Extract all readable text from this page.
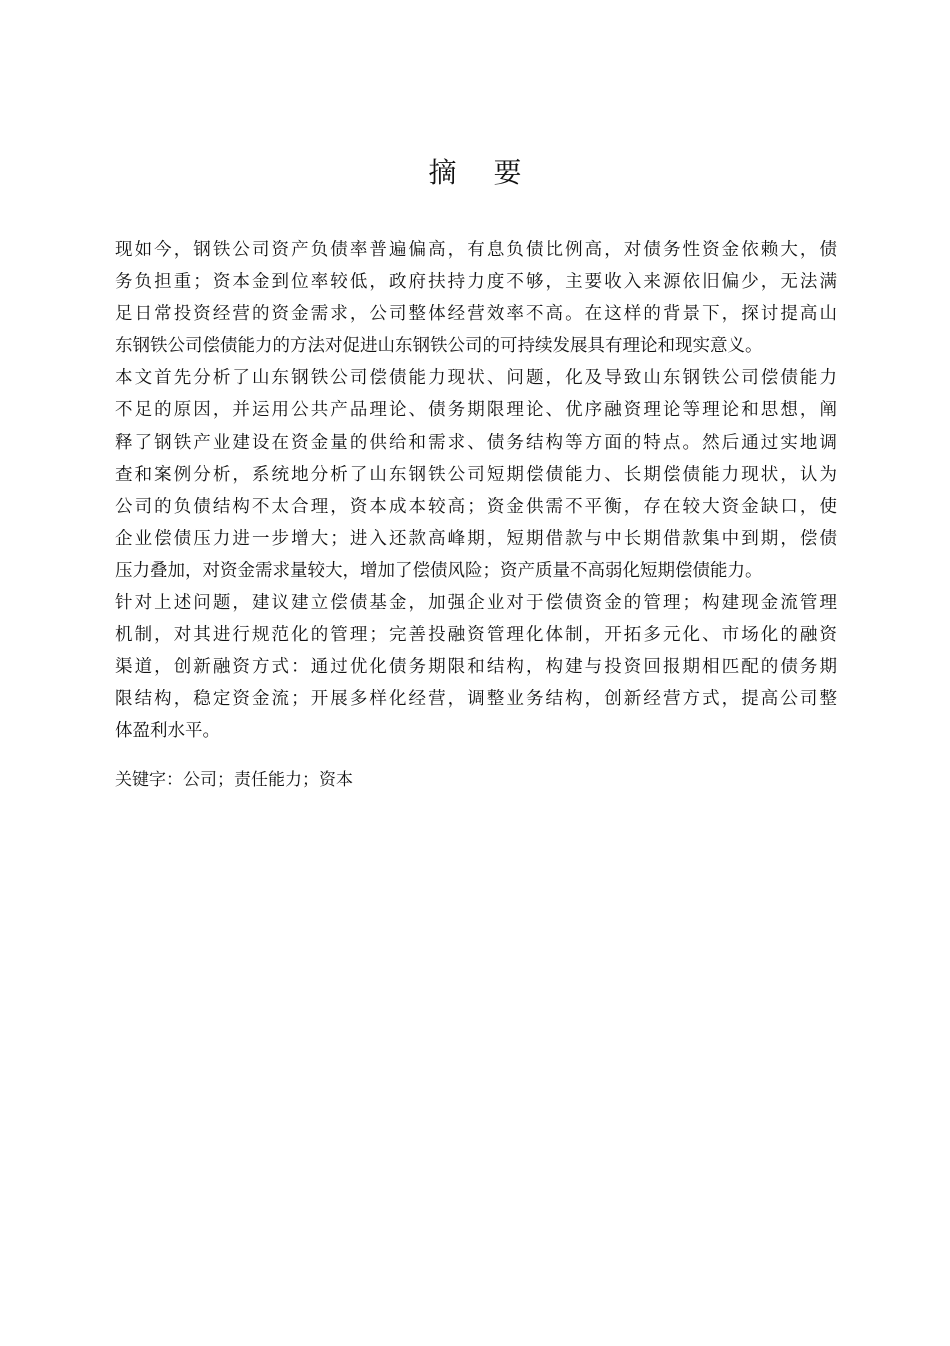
摘 要
现如今，钢铁公司资产负债率普遍偏高，有息负债比例高，对债务性资金依赖大，债
务负担重；资本金到位率较低，政府扶持力度不够，主要收入来源依旧偏少，无法满
足日常投资经营的资金需求，公司整体经营效率不高。在这样的背景下，探讨提高山
东钢铁公司偿债能力的方法对促进山东钢铁公司的可持续发展具有理论和现实意义。
本文首先分析了山东钢铁公司偿债能力现状、问题，化及导致山东钢铁公司偿债能力
不足的原因，并运用公共产品理论、债务期限理论、优序融资理论等理论和思想，阐
释了钢铁产业建设在资金量的供给和需求、债务结构等方面的特点。然后通过实地调
查和案例分析，系统地分析了山东钢铁公司短期偿债能力、长期偿债能力现状，认为
公司的负债结构不太合理，资本成本较高；资金供需不平衡，存在较大资金缺口，使
企业偿债压力进一步增大；进入还款高峰期，短期借款与中长期借款集中到期，偿债
压力叠加，对资金需求量较大，增加了偿债风险；资产质量不高弱化短期偿债能力。
针对上述问题，建议建立偿债基金，加强企业对于偿债资金的管理；构建现金流管理
机制，对其进行规范化的管理；完善投融资管理化体制，开拓多元化、市场化的融资
渠道，创新融资方式：通过优化债务期限和结构，构建与投资回报期相匹配的债务期
限结构，稳定资金流；开展多样化经营，调整业务结构，创新经营方式，提高公司整
体盈利水平。

关键字：公司；责任能力；资本
